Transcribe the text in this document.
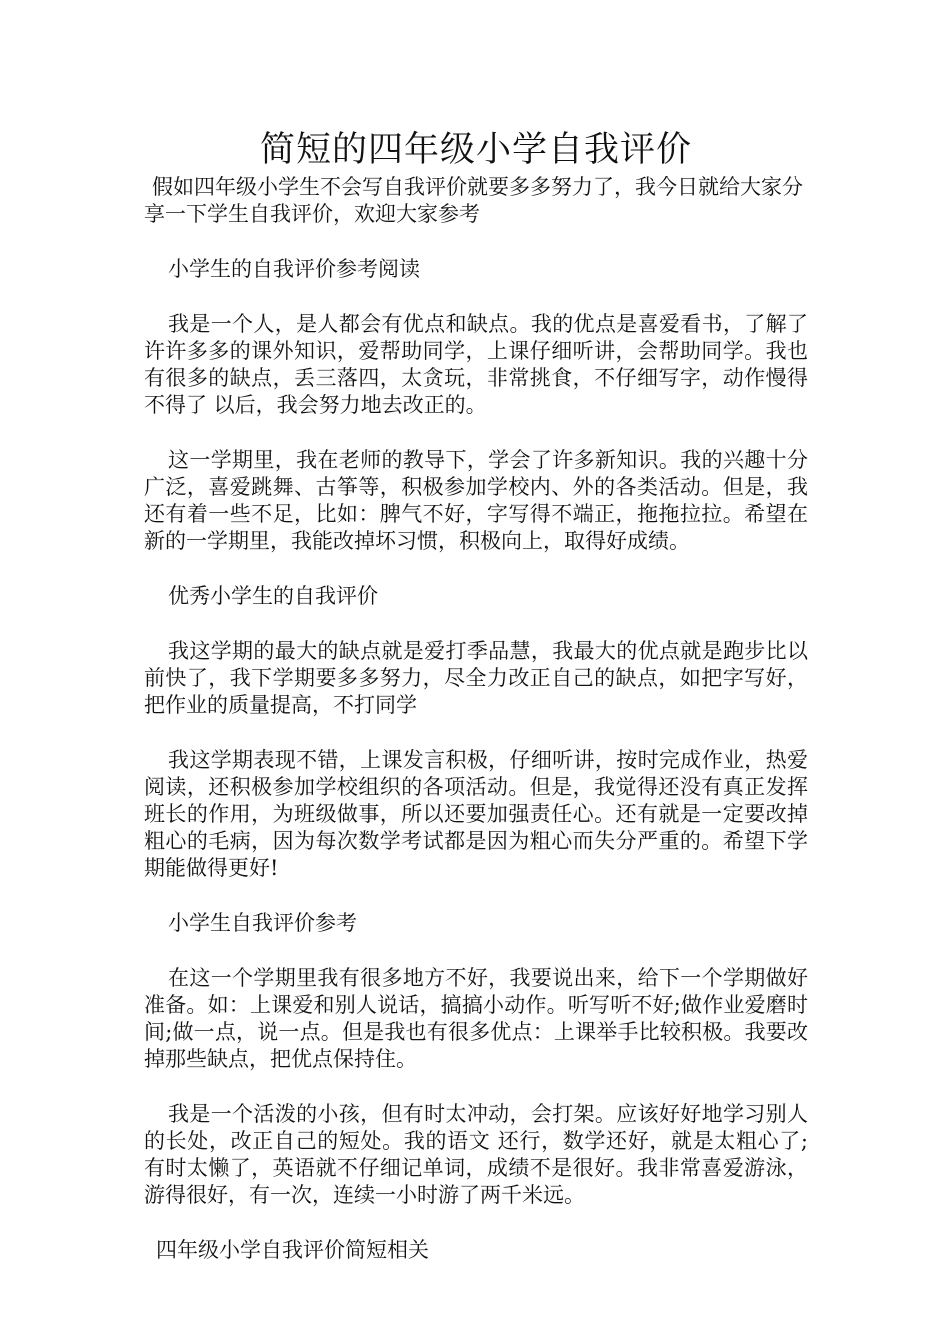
简短的四年级小学自我评价

假如四年级小学生不会写自我评价就要多多努力了，我今日就给大家分享一下学生自我评价，欢迎大家参考

小学生的自我评价参考阅读

我是一个人，是人都会有优点和缺点。我的优点是喜爱看书，了解了许许多多的课外知识，爱帮助同学，上课仔细听讲，会帮助同学。我也有很多的缺点，丢三落四，太贪玩，非常挑食，不仔细写字，动作慢得不得了 以后，我会努力地去改正的。

这一学期里，我在老师的教导下，学会了许多新知识。我的兴趣十分广泛，喜爱跳舞、古筝等，积极参加学校内、外的各类活动。但是，我还有着一些不足，比如：脾气不好，字写得不端正，拖拖拉拉。希望在新的一学期里，我能改掉坏习惯，积极向上，取得好成绩。

优秀小学生的自我评价

我这学期的最大的缺点就是爱打季品慧，我最大的优点就是跑步比以前快了，我下学期要多多努力，尽全力改正自己的缺点，如把字写好，把作业的质量提高，不打同学

我这学期表现不错，上课发言积极，仔细听讲，按时完成作业，热爱阅读，还积极参加学校组织的各项活动。但是，我觉得还没有真正发挥班长的作用，为班级做事，所以还要加强责任心。还有就是一定要改掉粗心的毛病，因为每次数学考试都是因为粗心而失分严重的。希望下学期能做得更好!

小学生自我评价参考

在这一个学期里我有很多地方不好，我要说出来，给下一个学期做好准备。如：上课爱和别人说话，搞搞小动作。听写听不好;做作业爱磨时间;做一点，说一点。但是我也有很多优点：上课举手比较积极。我要改掉那些缺点，把优点保持住。

我是一个活泼的小孩，但有时太冲动，会打架。应该好好地学习别人的长处，改正自己的短处。我的语文 还行，数学还好，就是太粗心了;有时太懒了，英语就不仔细记单词，成绩不是很好。我非常喜爱游泳，游得很好，有一次，连续一小时游了两千米远。

四年级小学自我评价简短相关
